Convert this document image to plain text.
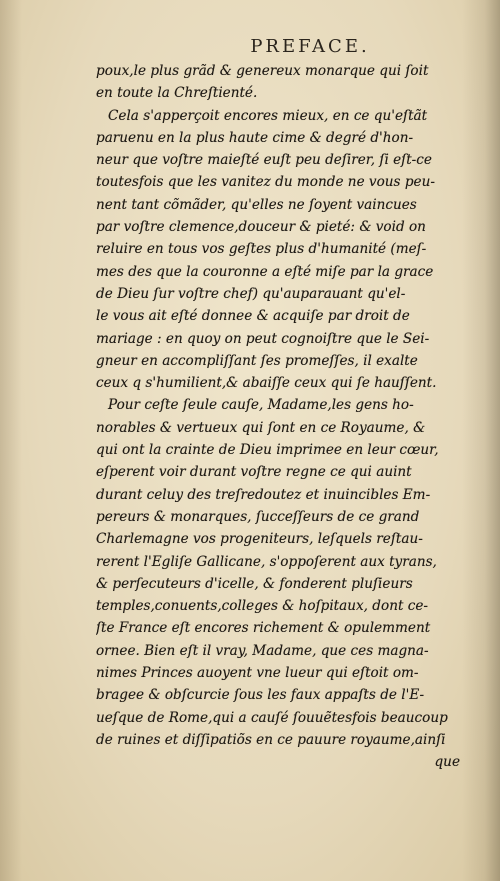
PREFACE.
poux,le plus grãd & genereux monarque qui ſoit
en toute la Chreſtienté.
Cela s'apperçoit encores mieux, en ce qu'eſtãt
paruenu en la plus haute cime & degré d'hon-
neur que voſtre maieſté euſt peu deſirer, ſi eſt-ce
toutesfois que les vanitez du monde ne vous peu-
nent tant cõmãder, qu'elles ne ſoyent vaincues
par voſtre clemence,douceur & pieté: & void on
reluire en tous vos geſtes plus d'humanité (meſ-
mes des que la couronne a eſté miſe par la grace
de Dieu ſur voſtre chef) qu'auparauant qu'el-
le vous ait eſté donnee & acquiſe par droit de
mariage : en quoy on peut cognoiſtre que le Sei-
gneur en accompliſſant ſes promeſſes, il exalte
ceux q s'humilient,& abaiſſe ceux qui ſe hauſſent.
Pour ceſte ſeule cauſe, Madame,les gens ho-
norables & vertueux qui ſont en ce Royaume, &
qui ont la crainte de Dieu imprimee en leur cœur,
eſperent voir durant voſtre regne ce qui auint
durant celuy des treſredoutez et inuincibles Em-
pereurs & monarques, ſucceſſeurs de ce grand
Charlemagne vos progeniteurs, leſquels reſtau-
rerent l'Egliſe Gallicane, s'oppoſerent aux tyrans,
& perſecuteurs d'icelle, & fonderent pluſieurs
temples,conuents,colleges & hoſpitaux, dont ce-
ſte France eſt encores richement & opulemment
ornee. Bien eſt il vray, Madame, que ces magna-
nimes Princes auoyent vne lueur qui eſtoit om-
bragee & obſcurcie ſous les faux appaſts de l'E-
ueſque de Rome,qui a cauſé ſouuẽtesfois beaucoup
de ruines et diſſipatiõs en ce pauure royaume,ainſi
que
